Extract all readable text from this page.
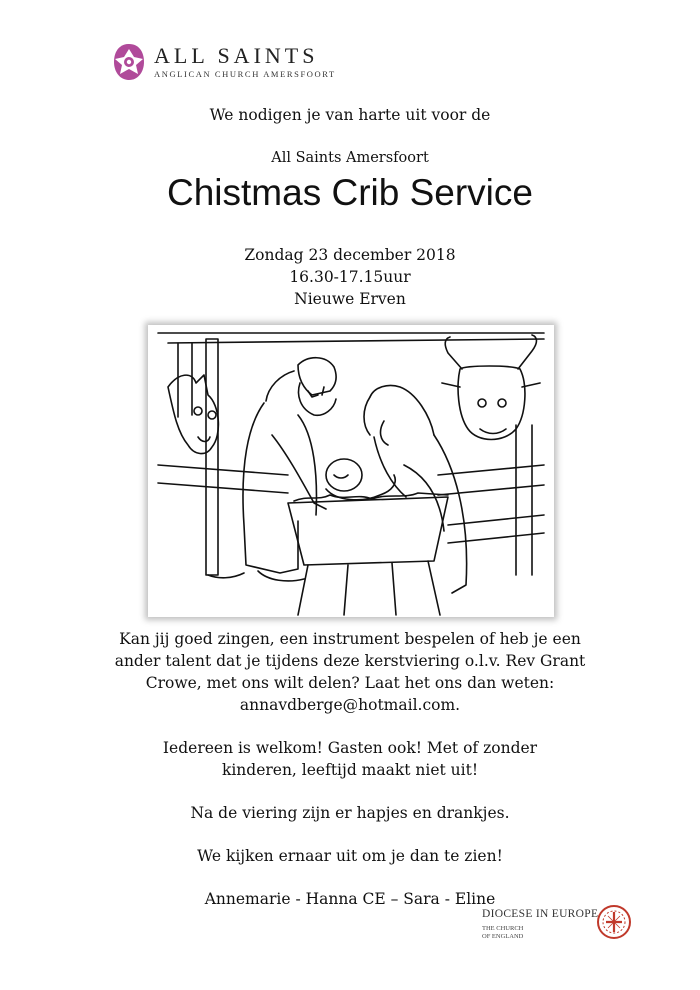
ALL SAINTS
ANGLICAN CHURCH AMERSFOORT
We nodigen je van harte uit voor de
All Saints Amersfoort
Chistmas Crib Service
Zondag 23 december 2018
16.30-17.15uur
Nieuwe Erven

Kan jij goed zingen, een instrument bespelen of heb je een ander talent dat je tijdens deze kerstviering o.l.v. Rev Grant Crowe, met ons wilt delen? Laat het ons dan weten: annavdberge@hotmail.com.

Iedereen is welkom! Gasten ook! Met of zonder kinderen, leeftijd maakt niet uit!

Na de viering zijn er hapjes en drankjes.

We kijken ernaar uit om je dan te zien!

Annemarie - Hanna CE – Sara - Eline

DIOCESE IN EUROPE
THE CHURCH
OF ENGLAND
